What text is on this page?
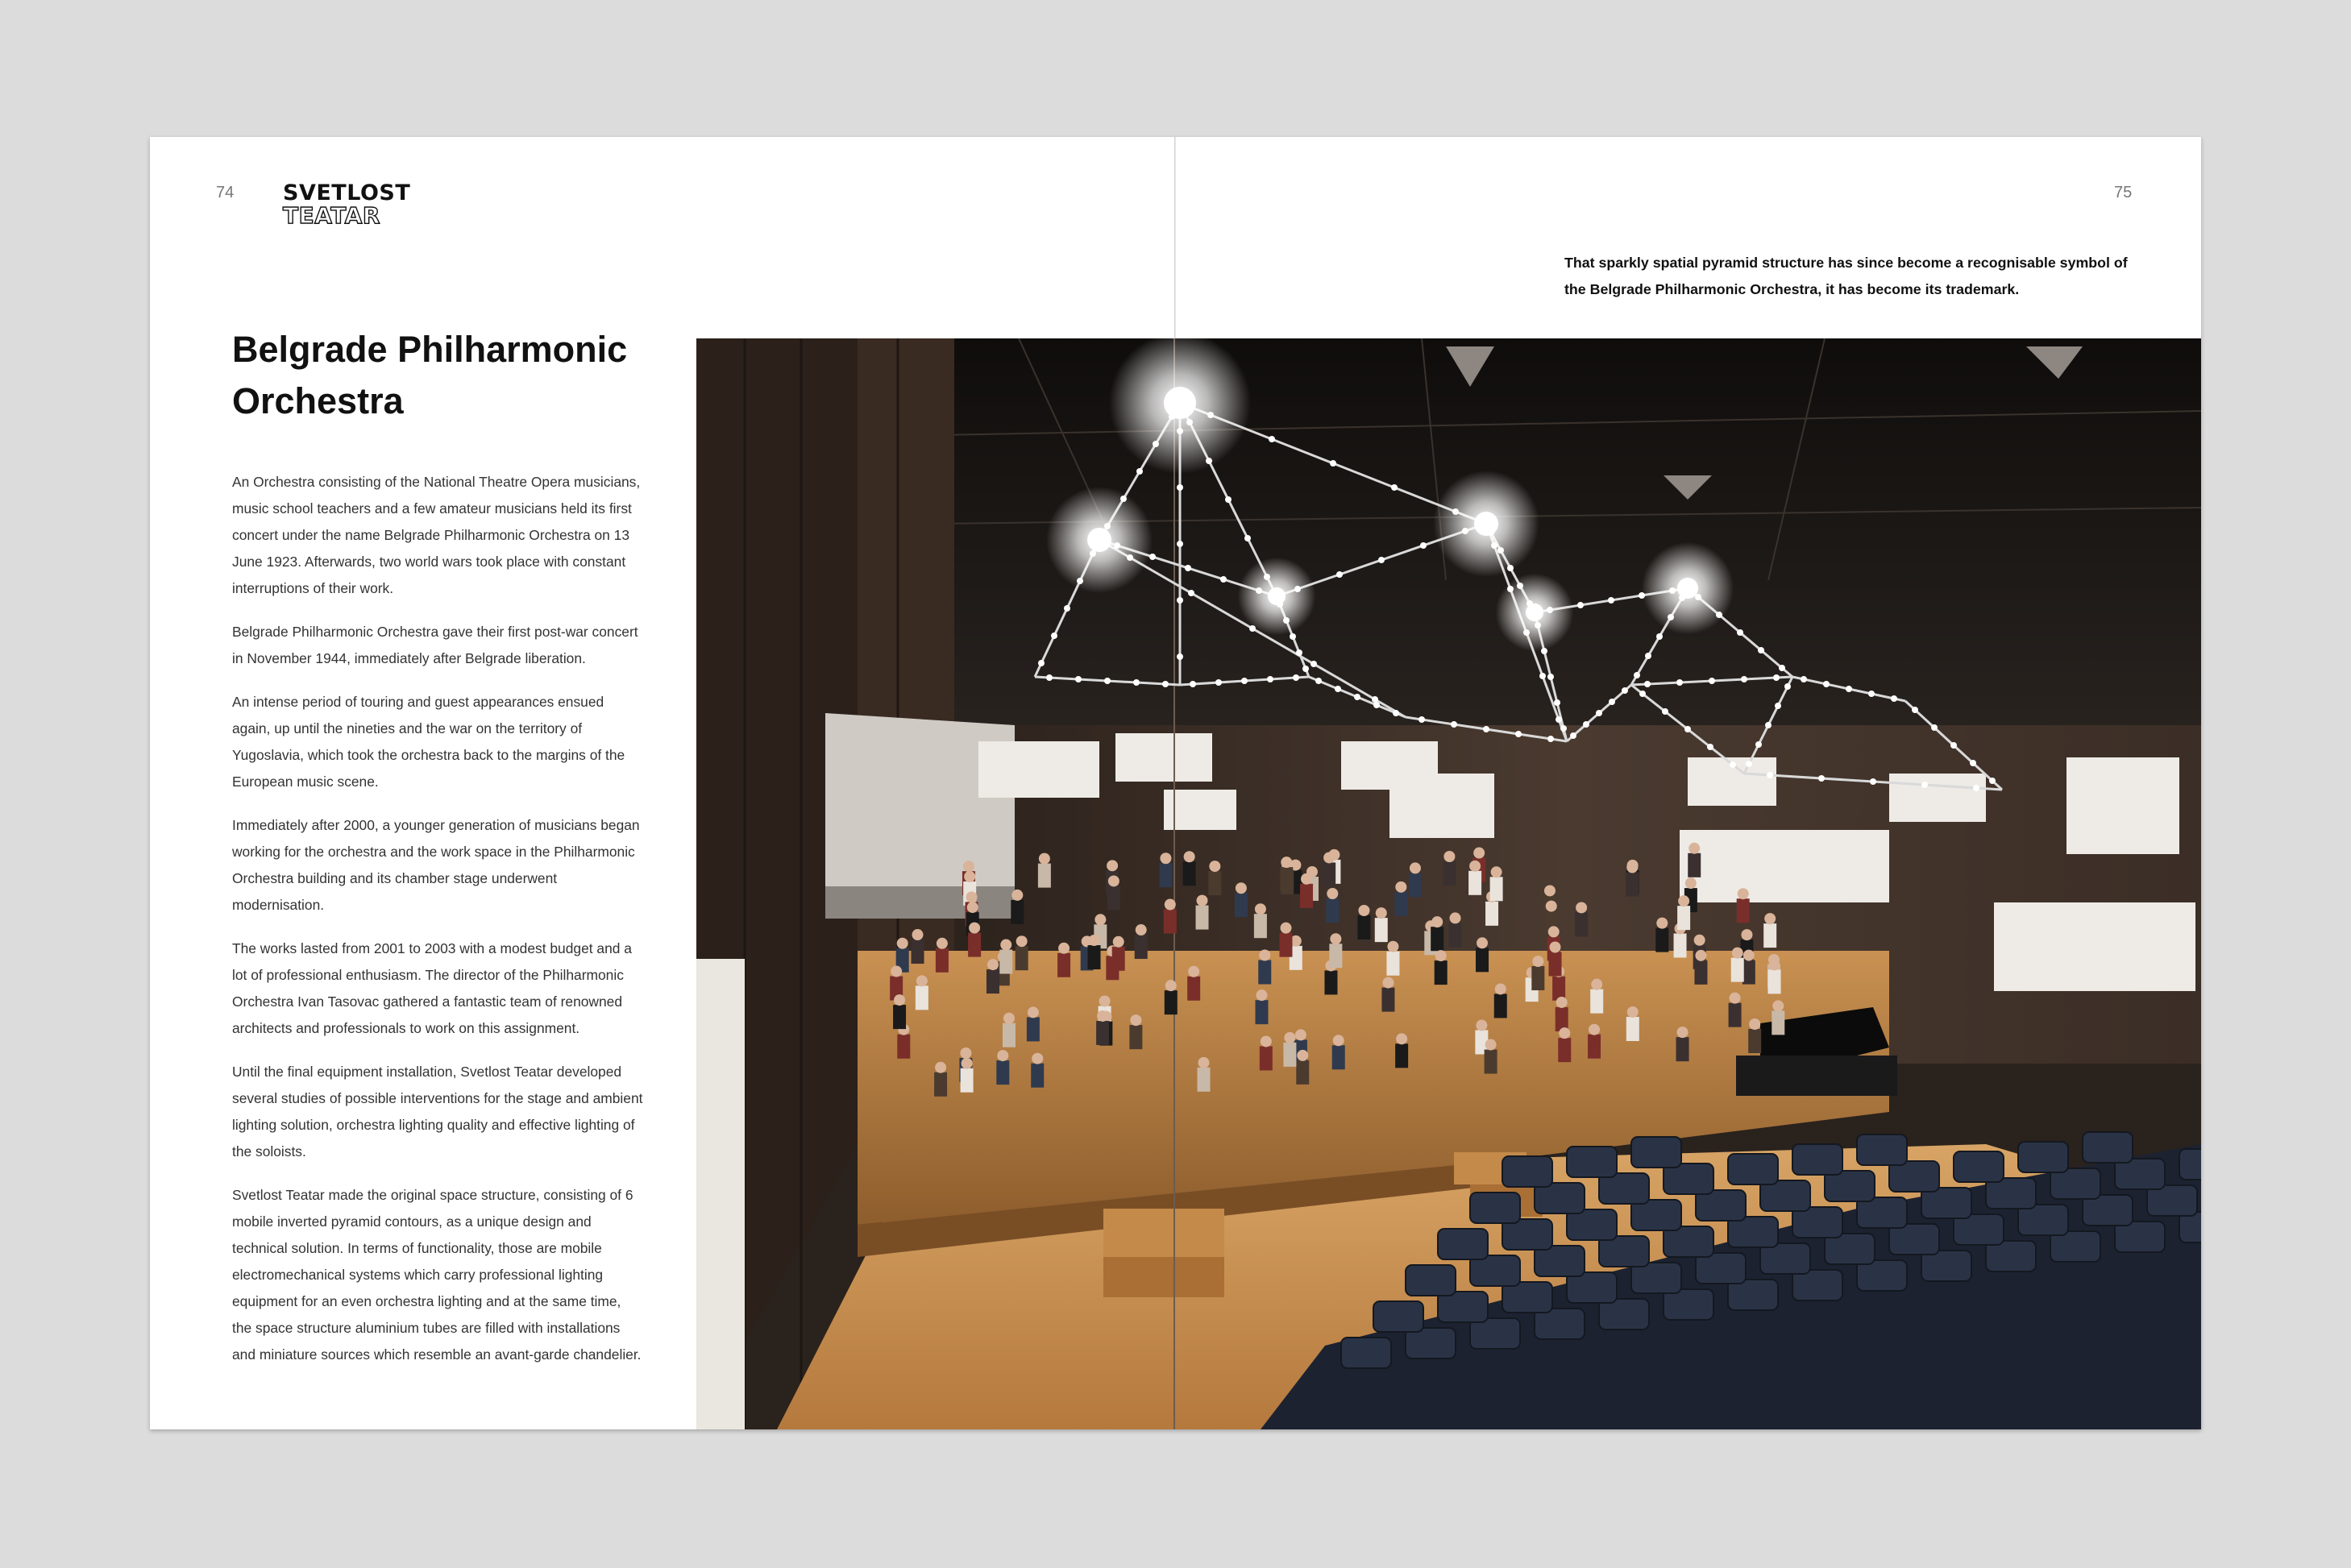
74	75
SVETLOST
TEATAR
Belgrade Philharmonic Orchestra

An Orchestra consisting of the National Theatre Opera musicians, music school teachers and a few amateur musicians held its first concert under the name Belgrade Philharmonic Orchestra on 13 June 1923. Afterwards, two world wars took place with constant interruptions of their work.

Belgrade Philharmonic Orchestra gave their first post-war concert in November 1944, immediately after Belgrade liberation.

An intense period of touring and guest appearances ensued again, up until the nineties and the war on the territory of Yugoslavia, which took the orchestra back to the margins of the European music scene.

Immediately after 2000, a younger generation of musicians began working for the orchestra and the work space in the Philharmonic Orchestra building and its chamber stage underwent modernisation.

The works lasted from 2001 to 2003 with a modest budget and a lot of professional enthusiasm. The director of the Philharmonic Orchestra Ivan Tasovac gathered a fantastic team of renowned architects and professionals to work on this assignment.

Until the final equipment installation, Svetlost Teatar developed several studies of possible interventions for the stage and ambient lighting solution, orchestra lighting quality and effective lighting of the soloists.

Svetlost Teatar made the original space structure, consisting of 6 mobile inverted pyramid contours, as a unique design and technical solution. In terms of functionality, those are mobile electromechanical systems which carry professional lighting equipment for an even orchestra lighting and at the same time, the space structure aluminium tubes are filled with installations and miniature sources which resemble an avant-garde chandelier.

That sparkly spatial pyramid structure has since become a recognisable symbol of the Belgrade Philharmonic Orchestra, it has become its trademark.
